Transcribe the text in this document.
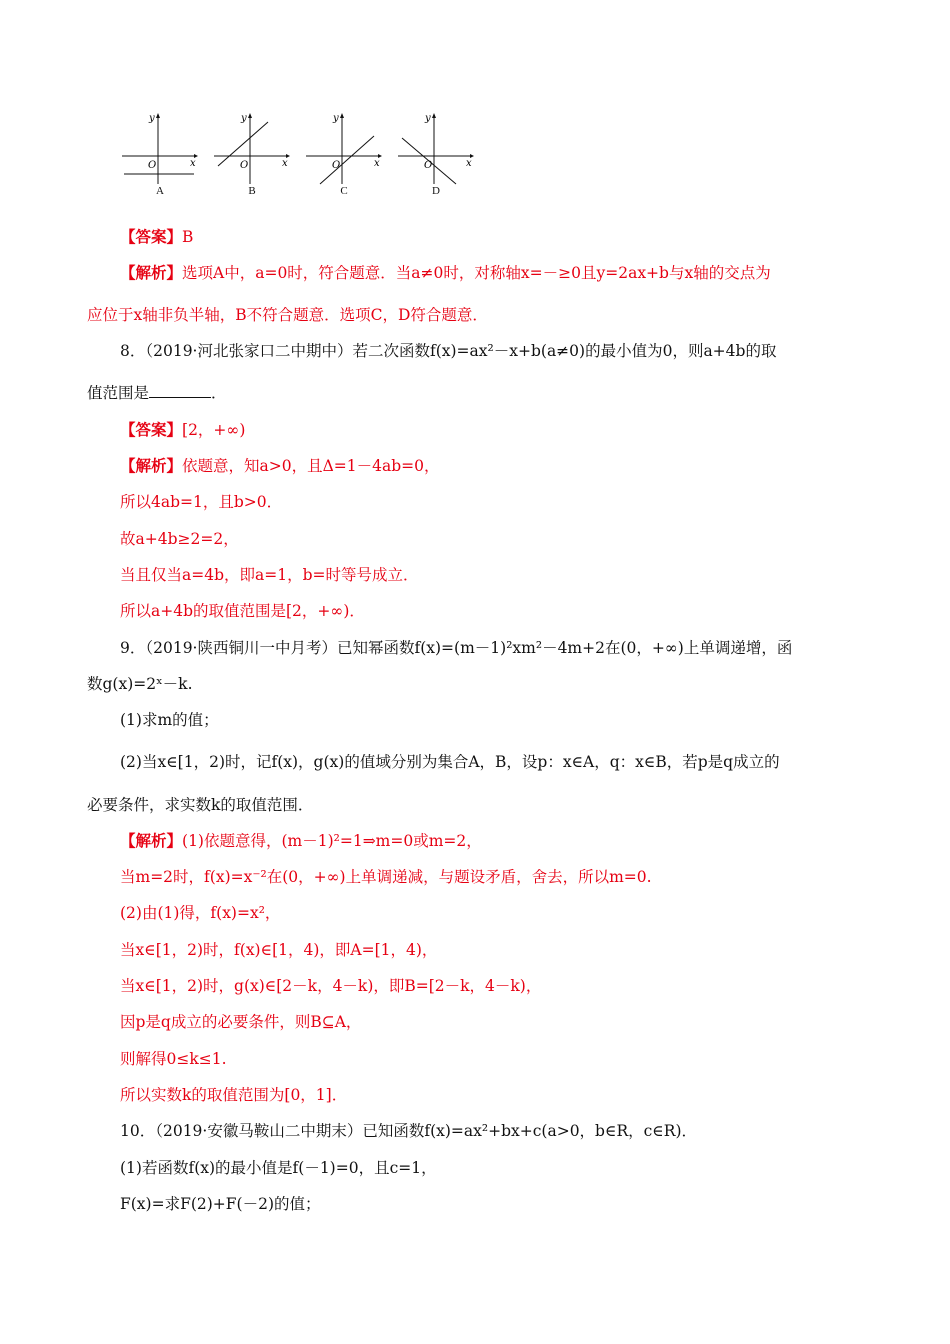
y
x
O
A
y
x
O
B
y
x
O
C
y
x
O
D
【答案】B
【解析】选项A中，a=0时，符合题意．当a≠0时，对称轴x=－≥0且y=2ax+b与x轴的交点为
应位于x轴非负半轴，B不符合题意．选项C，D符合题意．
8．（2019·河北张家口二中期中）若二次函数f(x)=ax²－x+b(a≠0)的最小值为0，则a+4b的取
值范围是	．
【答案】[2，+∞)
【解析】依题意，知a>0，且Δ=1－4ab=0，
所以4ab=1，且b>0．
故a+4b≥2=2，
当且仅当a=4b，即a=1，b=时等号成立．
所以a+4b的取值范围是[2，+∞)．
9．（2019·陕西铜川一中月考）已知幂函数f(x)=(m－1)²xm²－4m+2在(0，+∞)上单调递增，函
数g(x)=2ˣ－k.
(1)求m的值；
(2)当x∈[1，2)时，记f(x)，g(x)的值域分别为集合A，B，设p：x∈A，q：x∈B，若p是q成立的
必要条件，求实数k的取值范围．
【解析】(1)依题意得，(m－1)²=1⇒m=0或m=2，
当m=2时，f(x)=x⁻²在(0，+∞)上单调递减，与题设矛盾，舍去，所以m=0.
(2)由(1)得，f(x)=x²，
当x∈[1，2)时，f(x)∈[1，4)，即A=[1，4)，
当x∈[1，2)时，g(x)∈[2－k，4－k)，即B=[2－k，4－k)，
因p是q成立的必要条件，则B⊆A，
则解得0≤k≤1.
所以实数k的取值范围为[0，1]．
10．（2019·安徽马鞍山二中期末）已知函数f(x)=ax²+bx+c(a>0，b∈R，c∈R)．
(1)若函数f(x)的最小值是f(－1)=0，且c=1，
F(x)=求F(2)+F(－2)的值；
